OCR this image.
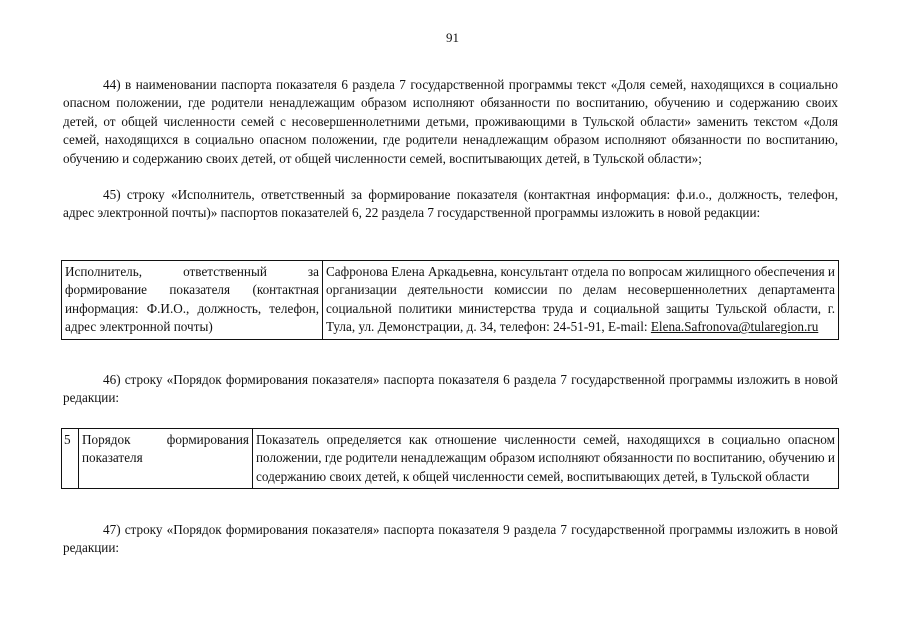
91

44) в наименовании паспорта показателя 6 раздела 7 государственной программы текст «Доля семей, находящихся в социально опасном положении, где родители ненадлежащим образом исполняют обязанности по воспитанию, обучению и содержанию своих детей, от общей численности семей с несовершеннолетними детьми, проживающими в Тульской области» заменить текстом «Доля семей, находящихся в социально опасном положении, где родители ненадлежащим образом исполняют обязанности по воспитанию, обучению и содержанию своих детей, от общей численности семей, воспитывающих детей, в Тульской области»;

45) строку «Исполнитель, ответственный за формирование показателя (контактная информация: ф.и.о., должность, телефон, адрес электронной почты)» паспортов показателей 6, 22 раздела 7 государственной программы изложить в новой редакции:

Исполнитель, ответственный за формирование показателя (контактная информация: Ф.И.О., должность, телефон, адрес электронной почты)	Сафронова Елена Аркадьевна, консультант отдела по вопросам жилищного обеспечения и организации деятельности комиссии по делам несовершеннолетних департамента социальной политики министерства труда и социальной защиты Тульской области, г. Тула, ул. Демонстрации, д. 34, телефон: 24-51-91, E-mail: Elena.Safronova@tularegion.ru

46) строку «Порядок формирования показателя» паспорта показателя 6 раздела 7 государственной программы изложить в новой редакции:

5	Порядок формирования показателя	Показатель определяется как отношение численности семей, находящихся в социально опасном положении, где родители ненадлежащим образом исполняют обязанности по воспитанию, обучению и содержанию своих детей, к общей численности семей, воспитывающих детей, в Тульской области

47) строку «Порядок формирования показателя» паспорта показателя 9 раздела 7 государственной программы изложить в новой редакции:
